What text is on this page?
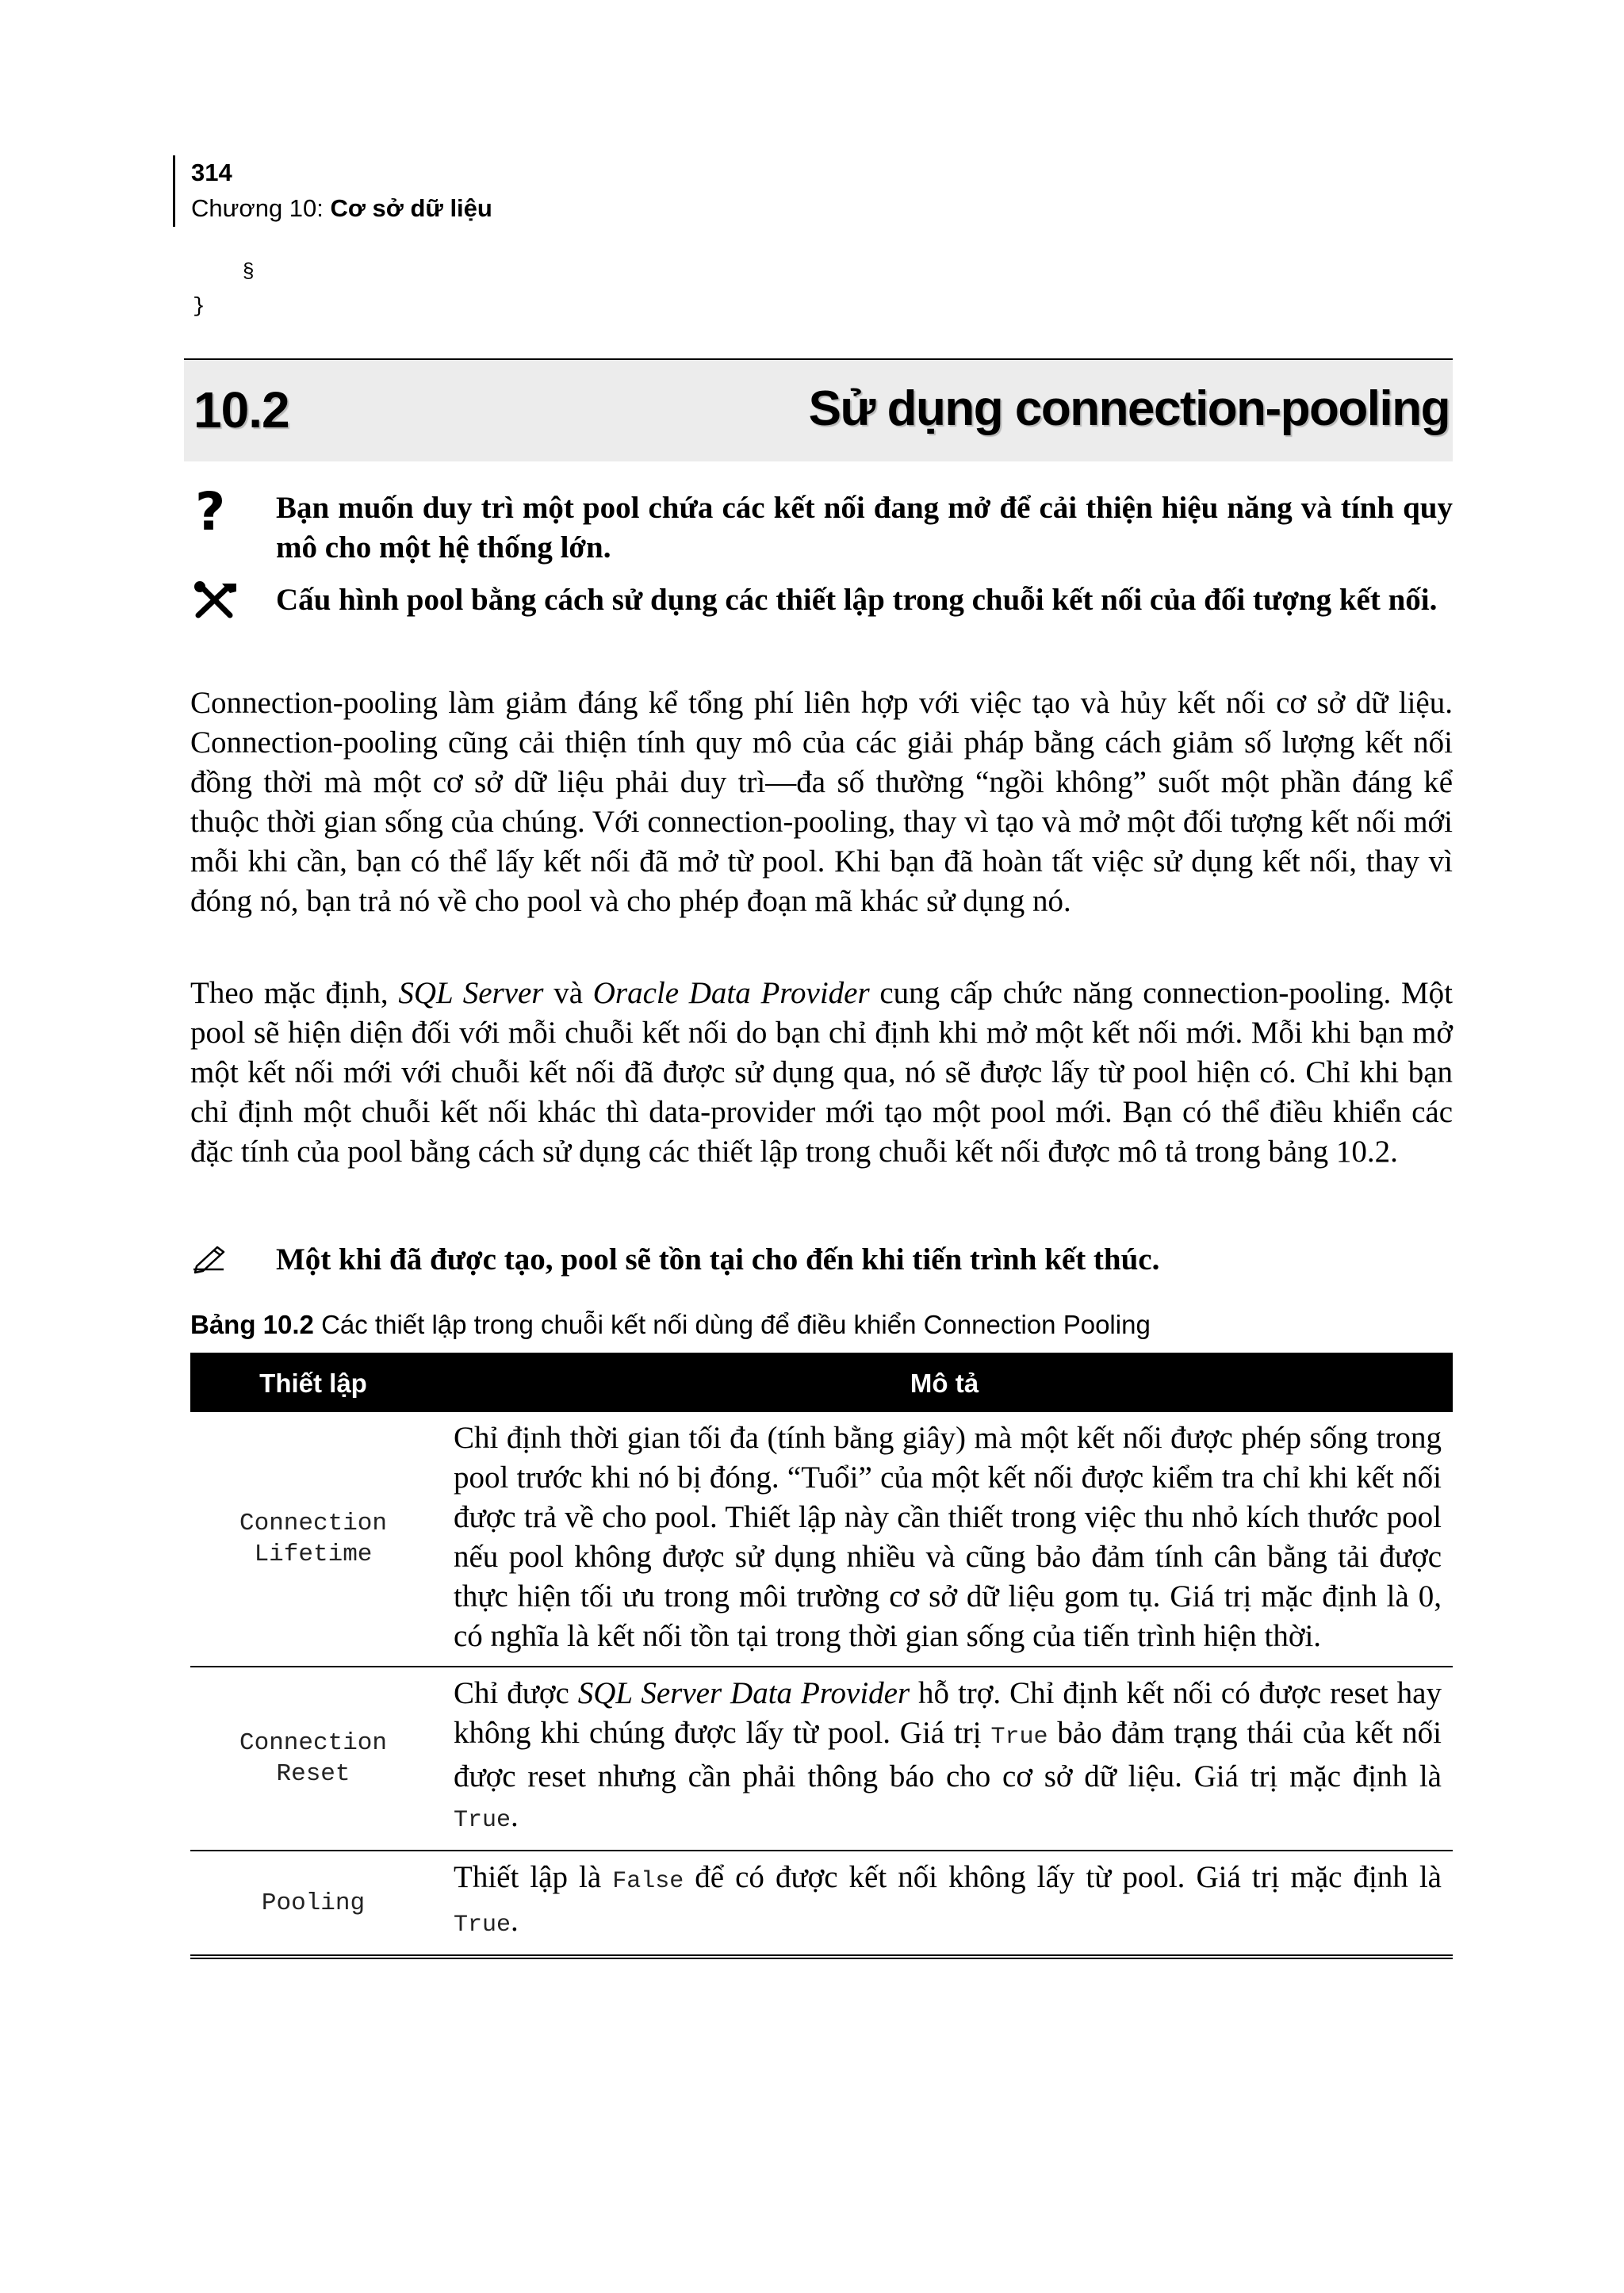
314
Chương 10: Cơ sở dữ liệu
§
}
10.2	Sử dụng connection-pooling
?	Bạn muốn duy trì một pool chứa các kết nối đang mở để cải thiện hiệu năng và tính quy mô cho một hệ thống lớn.
Cấu hình pool bằng cách sử dụng các thiết lập trong chuỗi kết nối của đối tượng kết nối.
Connection-pooling làm giảm đáng kể tổng phí liên hợp với việc tạo và hủy kết nối cơ sở dữ liệu. Connection-pooling cũng cải thiện tính quy mô của các giải pháp bằng cách giảm số lượng kết nối đồng thời mà một cơ sở dữ liệu phải duy trì—đa số thường “ngồi không” suốt một phần đáng kể thuộc thời gian sống của chúng. Với connection-pooling, thay vì tạo và mở một đối tượng kết nối mới mỗi khi cần, bạn có thể lấy kết nối đã mở từ pool. Khi bạn đã hoàn tất việc sử dụng kết nối, thay vì đóng nó, bạn trả nó về cho pool và cho phép đoạn mã khác sử dụng nó.
Theo mặc định, SQL Server và Oracle Data Provider cung cấp chức năng connection-pooling. Một pool sẽ hiện diện đối với mỗi chuỗi kết nối do bạn chỉ định khi mở một kết nối mới. Mỗi khi bạn mở một kết nối mới với chuỗi kết nối đã được sử dụng qua, nó sẽ được lấy từ pool hiện có. Chỉ khi bạn chỉ định một chuỗi kết nối khác thì data-provider mới tạo một pool mới. Bạn có thể điều khiển các đặc tính của pool bằng cách sử dụng các thiết lập trong chuỗi kết nối được mô tả trong bảng 10.2.
Một khi đã được tạo, pool sẽ tồn tại cho đến khi tiến trình kết thúc.
Bảng 10.2 Các thiết lập trong chuỗi kết nối dùng để điều khiển Connection Pooling
Thiết lập	Mô tả

Connection
Lifetime	Chỉ định thời gian tối đa (tính bằng giây) mà một kết nối được phép sống trong pool trước khi nó bị đóng. “Tuổi” của một kết nối được kiểm tra chỉ khi kết nối được trả về cho pool. Thiết lập này cần thiết trong việc thu nhỏ kích thước pool nếu pool không được sử dụng nhiều và cũng bảo đảm tính cân bằng tải được thực hiện tối ưu trong môi trường cơ sở dữ liệu gom tụ. Giá trị mặc định là 0, có nghĩa là kết nối tồn tại trong thời gian sống của tiến trình hiện thời.

Connection
Reset	Chỉ được SQL Server Data Provider hỗ trợ. Chỉ định kết nối có được reset hay không khi chúng được lấy từ pool. Giá trị True bảo đảm trạng thái của kết nối được reset nhưng cần phải thông báo cho cơ sở dữ liệu. Giá trị mặc định là True.

Pooling	Thiết lập là False để có được kết nối không lấy từ pool. Giá trị mặc định là True.
